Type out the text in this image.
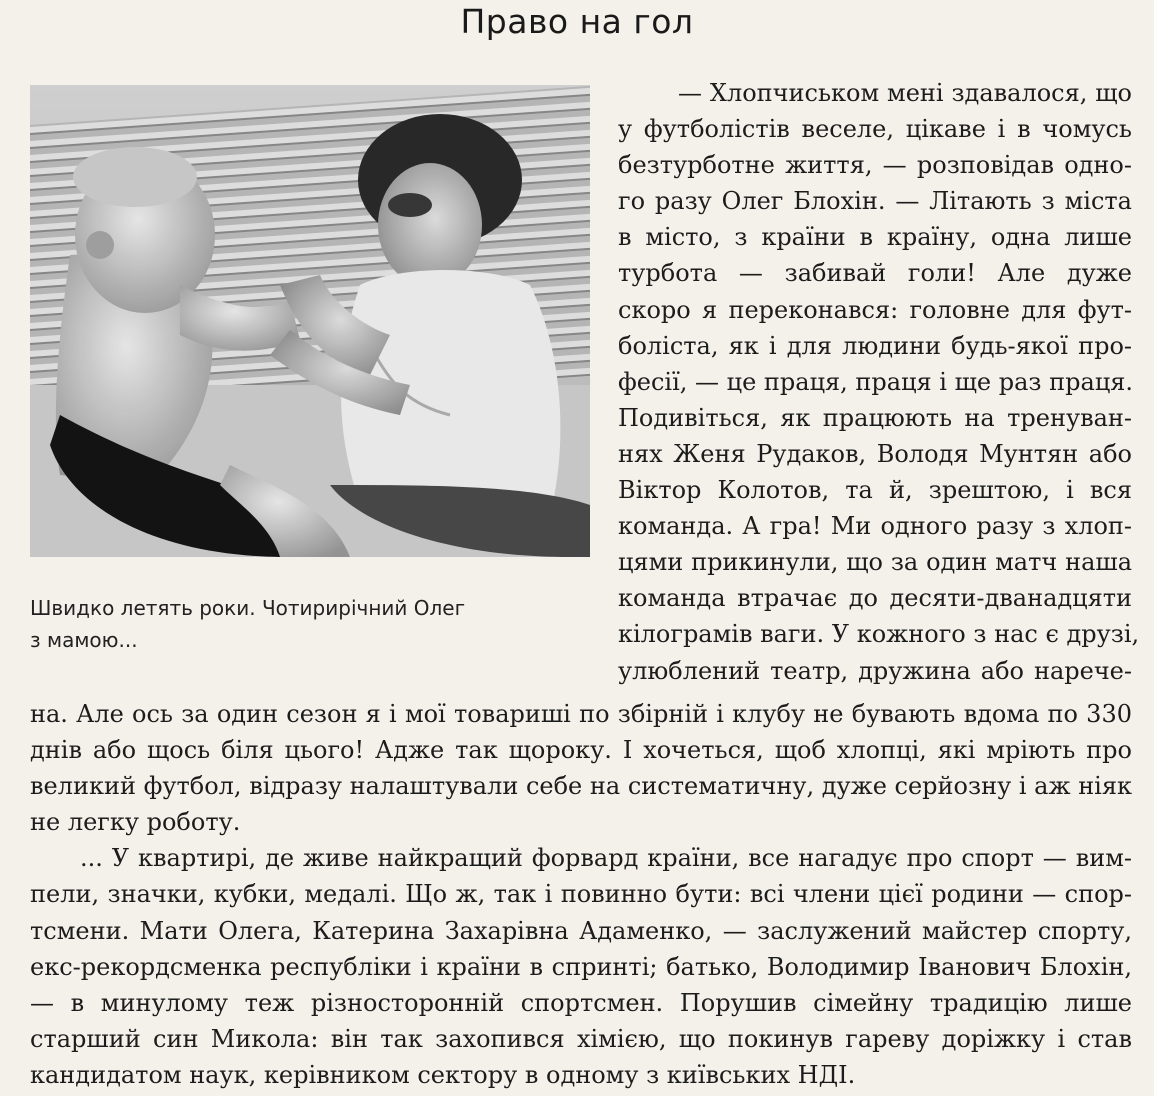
Право на гол
Швидко летять роки. Чотирирічний Олег
з мамою...
— Хлопчиськом мені здавалося, що
у футболістів веселе, цікаве і в чомусь
безтурботне життя, — розповідав одно-
го разу Олег Блохін. — Літають з міста
в місто, з країни в країну, одна лише
турбота — забивай голи! Але дуже
скоро я переконався: головне для фут-
боліста, як і для людини будь-якої про-
фесії, — це праця, праця і ще раз праця.
Подивіться, як працюють на тренуван-
нях Женя Рудаков, Володя Мунтян або
Віктор Колотов, та й, зрештою, і вся
команда. А гра! Ми одного разу з хлоп-
цями прикинули, що за один матч наша
команда втрачає до десяти-дванадцяти
кілограмів ваги. У кожного з нас є друзі,
улюблений театр, дружина або нарече-
на. Але ось за один сезон я і мої товариші по збірній і клубу не бувають вдома по 330
днів або щось біля цього! Адже так щороку. І хочеться, щоб хлопці, які мріють про
великий футбол, відразу налаштували себе на систематичну, дуже серйозну і аж ніяк
не легку роботу.
... У квартирі, де живе найкращий форвард країни, все нагадує про спорт — вим-
пели, значки, кубки, медалі. Що ж, так і повинно бути: всі члени цієї родини — спор-
тсмени. Мати Олега, Катерина Захарівна Адаменко, — заслужений майстер спорту,
екс-рекордсменка республіки і країни в спринті; батько, Володимир Іванович Блохін,
— в минулому теж різносторонній спортсмен. Порушив сімейну традицію лише
старший син Микола: він так захопився хімією, що покинув гареву доріжку і став
кандидатом наук, керівником сектору в одному з київських НДІ.
